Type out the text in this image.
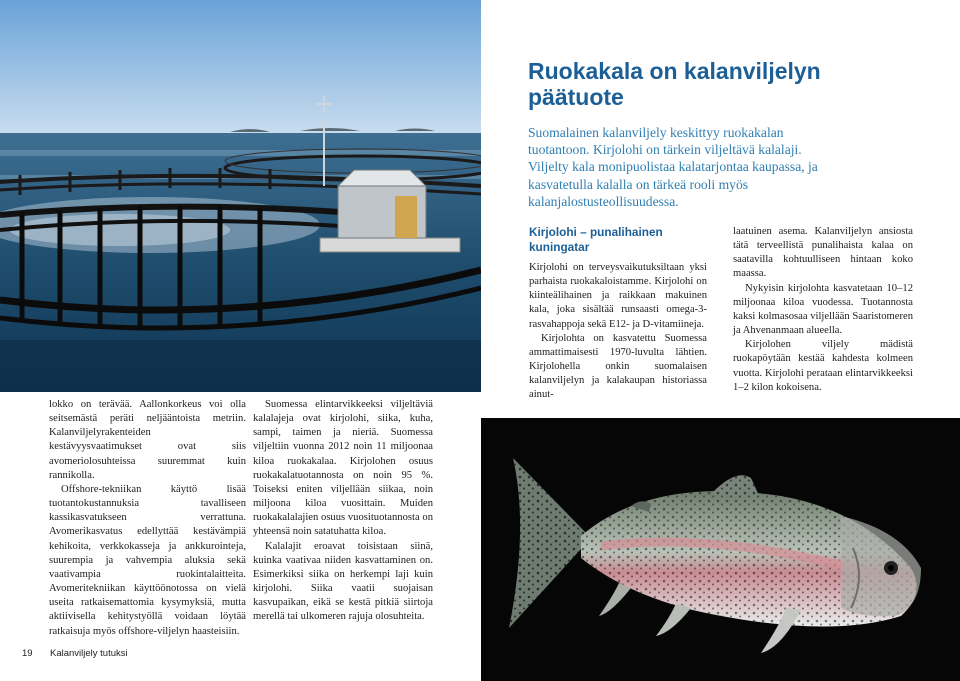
Ruokakala on kalanviljelyn
päätuote
Suomalainen kalanviljely keskittyy ruokakalan tuotantoon. Kirjolohi on tärkein viljeltävä kalalaji. Viljelty kala monipuolistaa kalatarjontaa kaupassa, ja kasvatetulla kalalla on tärkeä rooli myös kalanjalostusteollisuudessa.

lokko on terävää. Aallonkorkeus voi olla seitsemästä peräti neljääntoista metriin. Kalanviljelyrakenteiden kestävyysvaatimukset ovat siis avomeriolosuhteissa suuremmat kuin rannikolla.

Offshore-tekniikan käyttö lisää tuotantokustannuksia tavalliseen kassikasvatukseen verrattuna. Avomerikasvatus edellyttää kestävämpiä kehikoita, verkkokasseja ja ankkurointeja, suurempia ja vahvempia aluksia sekä vaativampia ruokintalaitteita. Avomeritekniikan käyttöönotossa on vielä useita ratkaisemattomia kysymyksiä, mutta aktiivisella kehitystyöllä voidaan löytää ratkaisuja myös offshore-viljelyn haasteisiin.

Suomessa elintarvikkeeksi viljeltäviä kalalajeja ovat kirjolohi, siika, kuha, sampi, taimen ja nieriä. Suomessa viljeltiin vuonna 2012 noin 11 miljoonaa kiloa ruokakalaa. Kirjolohen osuus ruokakalatuotannosta on noin 95 %. Toiseksi eniten viljellään siikaa, noin miljoona kiloa vuosittain. Muiden ruokakalalajien osuus vuosituotannosta on yhteensä noin satatuhatta kiloa.

Kalalajit eroavat toisistaan siinä, kuinka vaativaa niiden kasvattaminen on. Esimerkiksi siika on herkempi laji kuin kirjolohi. Siika vaatii suojaisan kasvupaikan, eikä se kestä pitkiä siirtoja merellä tai ulkomeren rajuja olosuhteita.

Kirjolohi – punalihainen
kuningatar

Kirjolohi on terveysvaikutuksiltaan yksi parhaista ruokakaloistamme. Kirjolohi on kiinteälihainen ja raikkaan makuinen kala, joka sisältää runsaasti omega-3-rasvahappoja sekä E12- ja D-vitamiineja.

Kirjolohta on kasvatettu Suomessa ammattimaisesti 1970-luvulta lähtien. Kirjolohella onkin suomalaisen kalanviljelyn ja kalakaupan historiassa ainut-

laatuinen asema. Kalanviljelyn ansiosta tätä terveellistä punalihaista kalaa on saatavilla kohtuulliseen hintaan koko maassa.

Nykyisin kirjolohta kasvatetaan 10–12 miljoonaa kiloa vuodessa. Tuotannosta kaksi kolmasosaa viljellään Saaristomeren ja Ahvenanmaan alueella.

Kirjolohen viljely mädistä ruokapöytään kestää kahdesta kolmeen vuotta. Kirjolohi perataan elintarvikkeeksi 1–2 kilon kokoisena.

19 Kalanviljely tutuksi
